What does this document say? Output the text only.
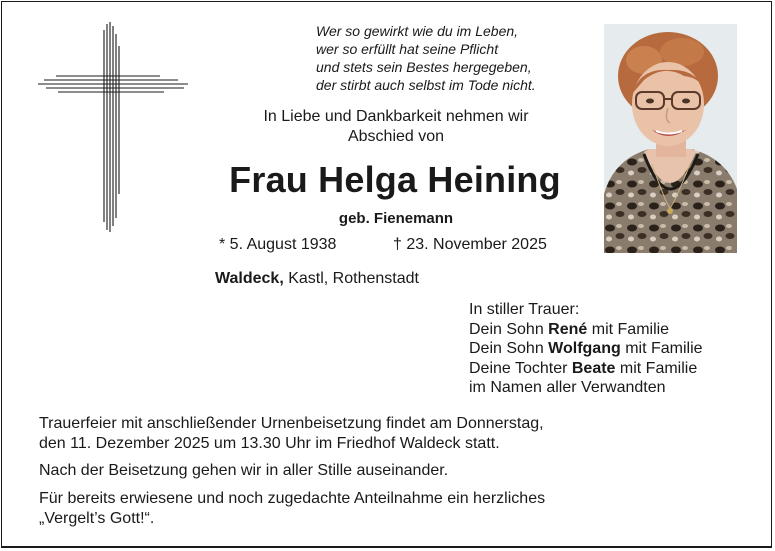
Wer so gewirkt wie du im Leben,
wer so erfüllt hat seine Pflicht
und stets sein Bestes hergegeben,
der stirbt auch selbst im Tode nicht.
In Liebe und Dankbarkeit nehmen wir
Abschied von
Frau Helga Heining
geb. Fienemann
* 5. August 1938	† 23. November 2025
Waldeck, Kastl, Rothenstadt
In stiller Trauer:
Dein Sohn René mit Familie
Dein Sohn Wolfgang mit Familie
Deine Tochter Beate mit Familie
im Namen aller Verwandten
Trauerfeier mit anschließender Urnenbeisetzung findet am Donnerstag,
den 11. Dezember 2025 um 13.30 Uhr im Friedhof Waldeck statt.
Nach der Beisetzung gehen wir in aller Stille auseinander.
Für bereits erwiesene und noch zugedachte Anteilnahme ein herzliches
„Vergelt’s Gott!“.
